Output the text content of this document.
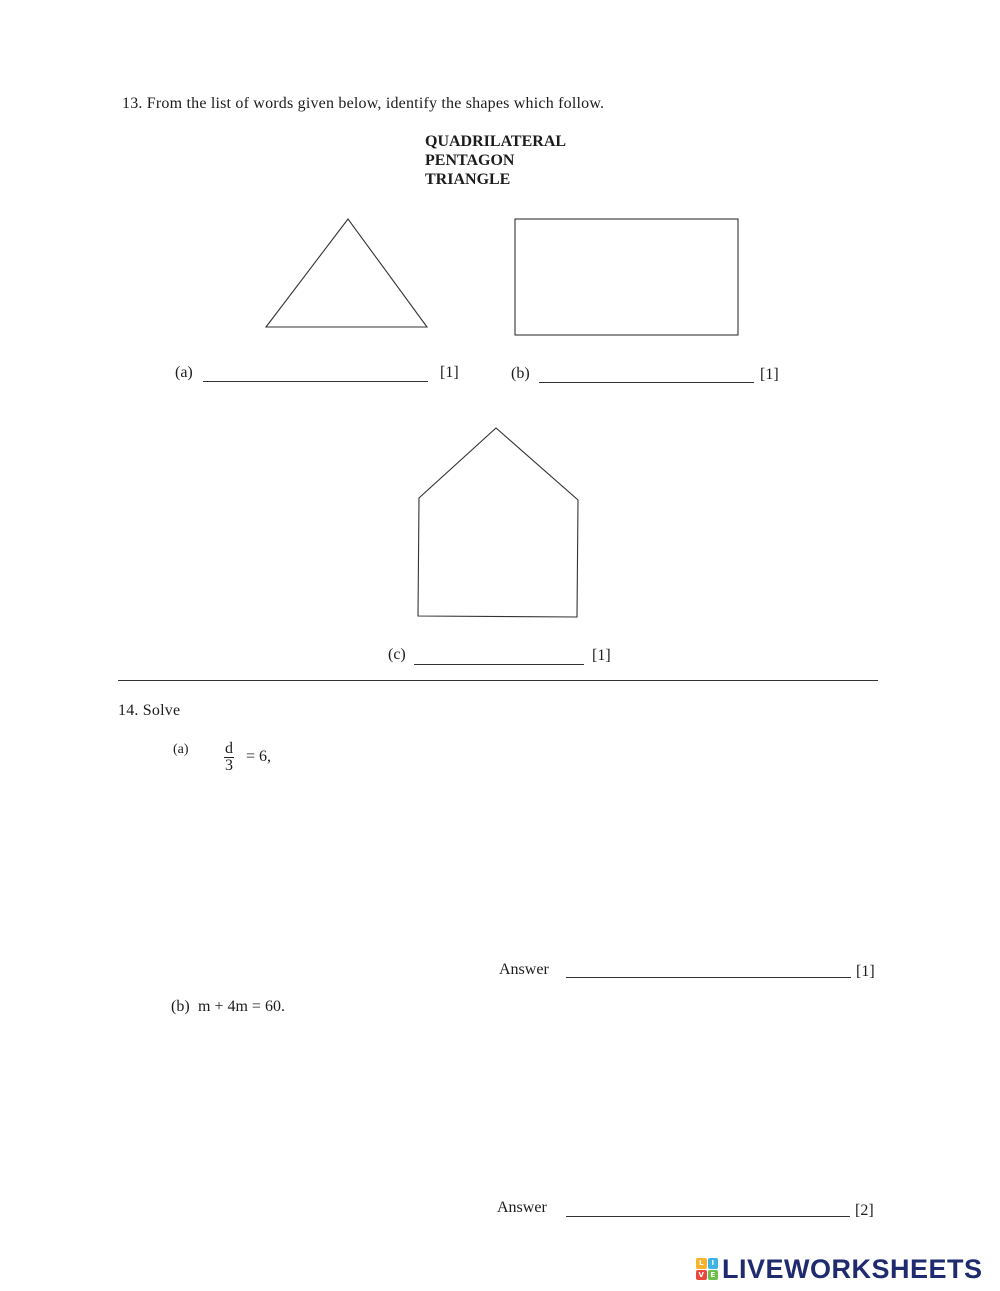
13. From the list of words given below, identify the shapes which follow.
QUADRILATERAL
PENTAGON
TRIANGLE
(a)	[1]	(b)	[1]
(c)	[1]
14. Solve
$(a) \frac{d}{3} = 6$,
Answer	[1]
(b) m + 4m = 60.
Answer	[2]
L	I
V E LIVEWORKSHEETS
